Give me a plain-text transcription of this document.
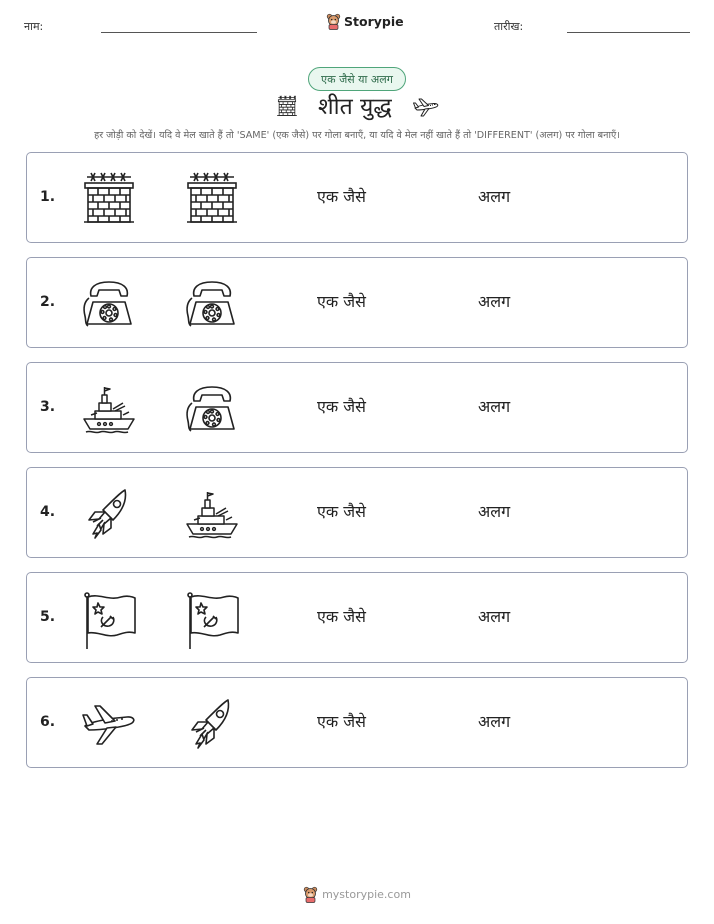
नाम:	Storypie	तारीख:
एक जैसे या अलग
शीत युद्ध
हर जोड़ी को देखें। यदि वे मेल खाते हैं तो 'SAME' (एक जैसे) पर गोला बनाएँ, या यदि वे मेल नहीं खाते हैं तो 'DIFFERENT' (अलग) पर गोला बनाएँ।
1.	एक जैसे	अलग
2.	एक जैसे	अलग
3.	एक जैसे	अलग
4.	एक जैसे	अलग
5.	एक जैसे	अलग
6.	एक जैसे	अलग
mystorypie.com
